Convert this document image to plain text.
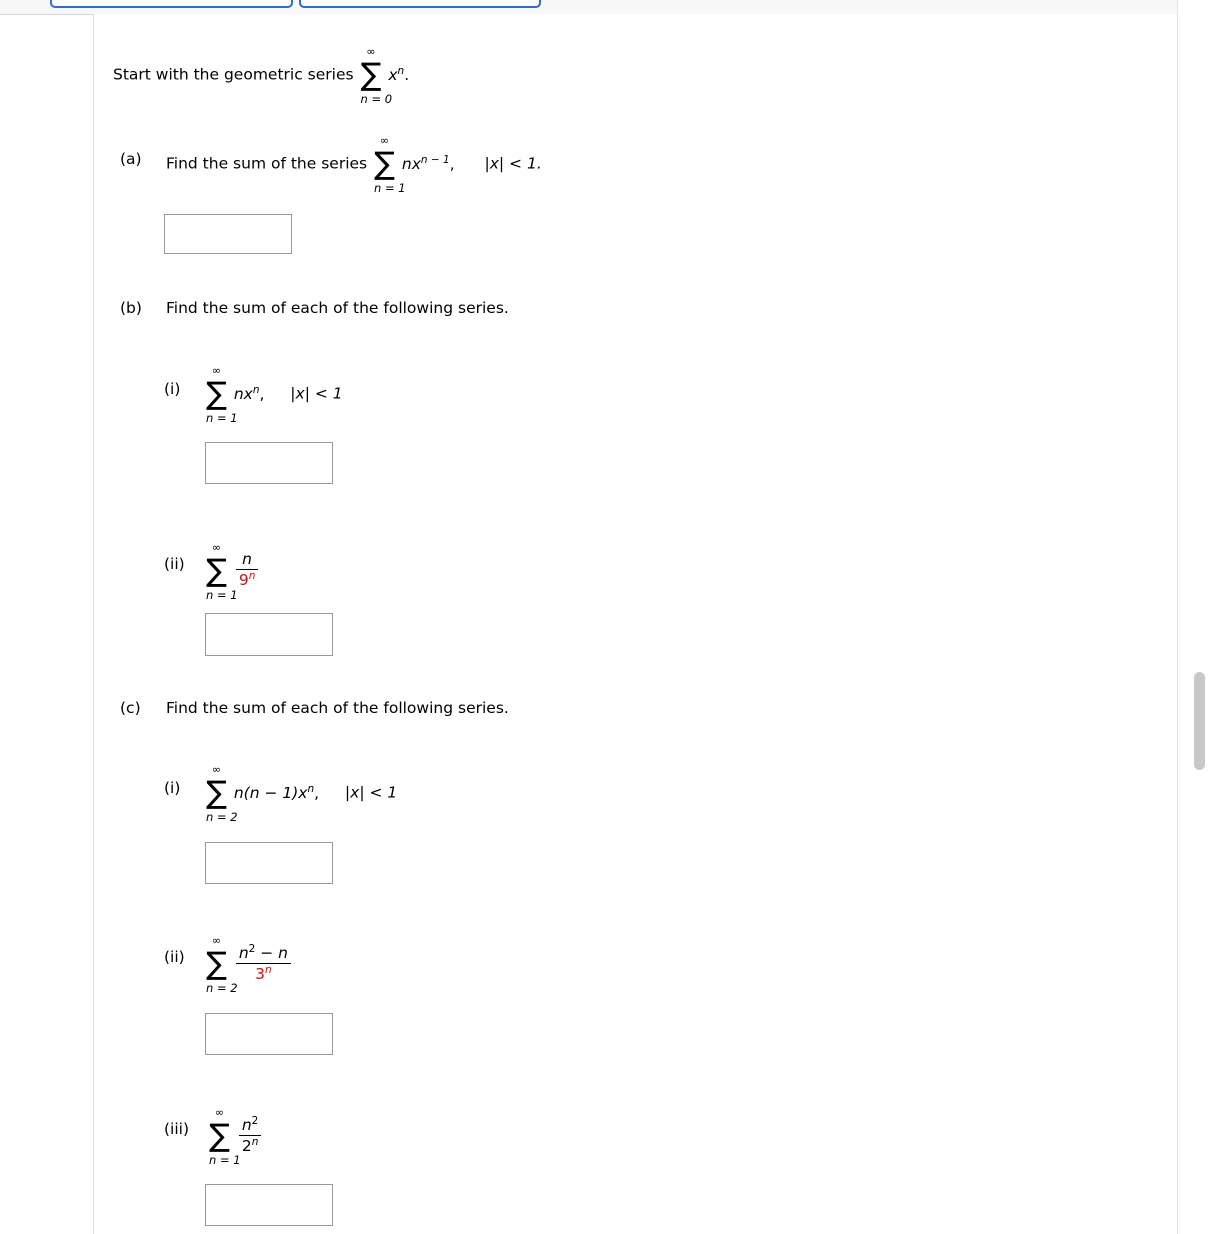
Start with the geometric series
∞
∑
n = 0
$x^n$.
(a) Find the sum of the series
∞
∑
n = 1
$nx^{n - 1}$, |x| < 1.
(b) Find the sum of each of the following series.
(i)
∞
∑
n = 1
$nx^n$, |x| < 1
(ii)
∞
∑
n = 1

$\frac{n}{9^n}$
(c) Find the sum of each of the following series.
(i)
∞
∑
n = 2
$n(n - 1)x^n$, |x| < 1
(ii)
∞
∑
n = 2

$\frac{n^2 - n}{3^n}$
(iii)
∞
∑
n = 1

$\frac{n^2}{2^n}$
